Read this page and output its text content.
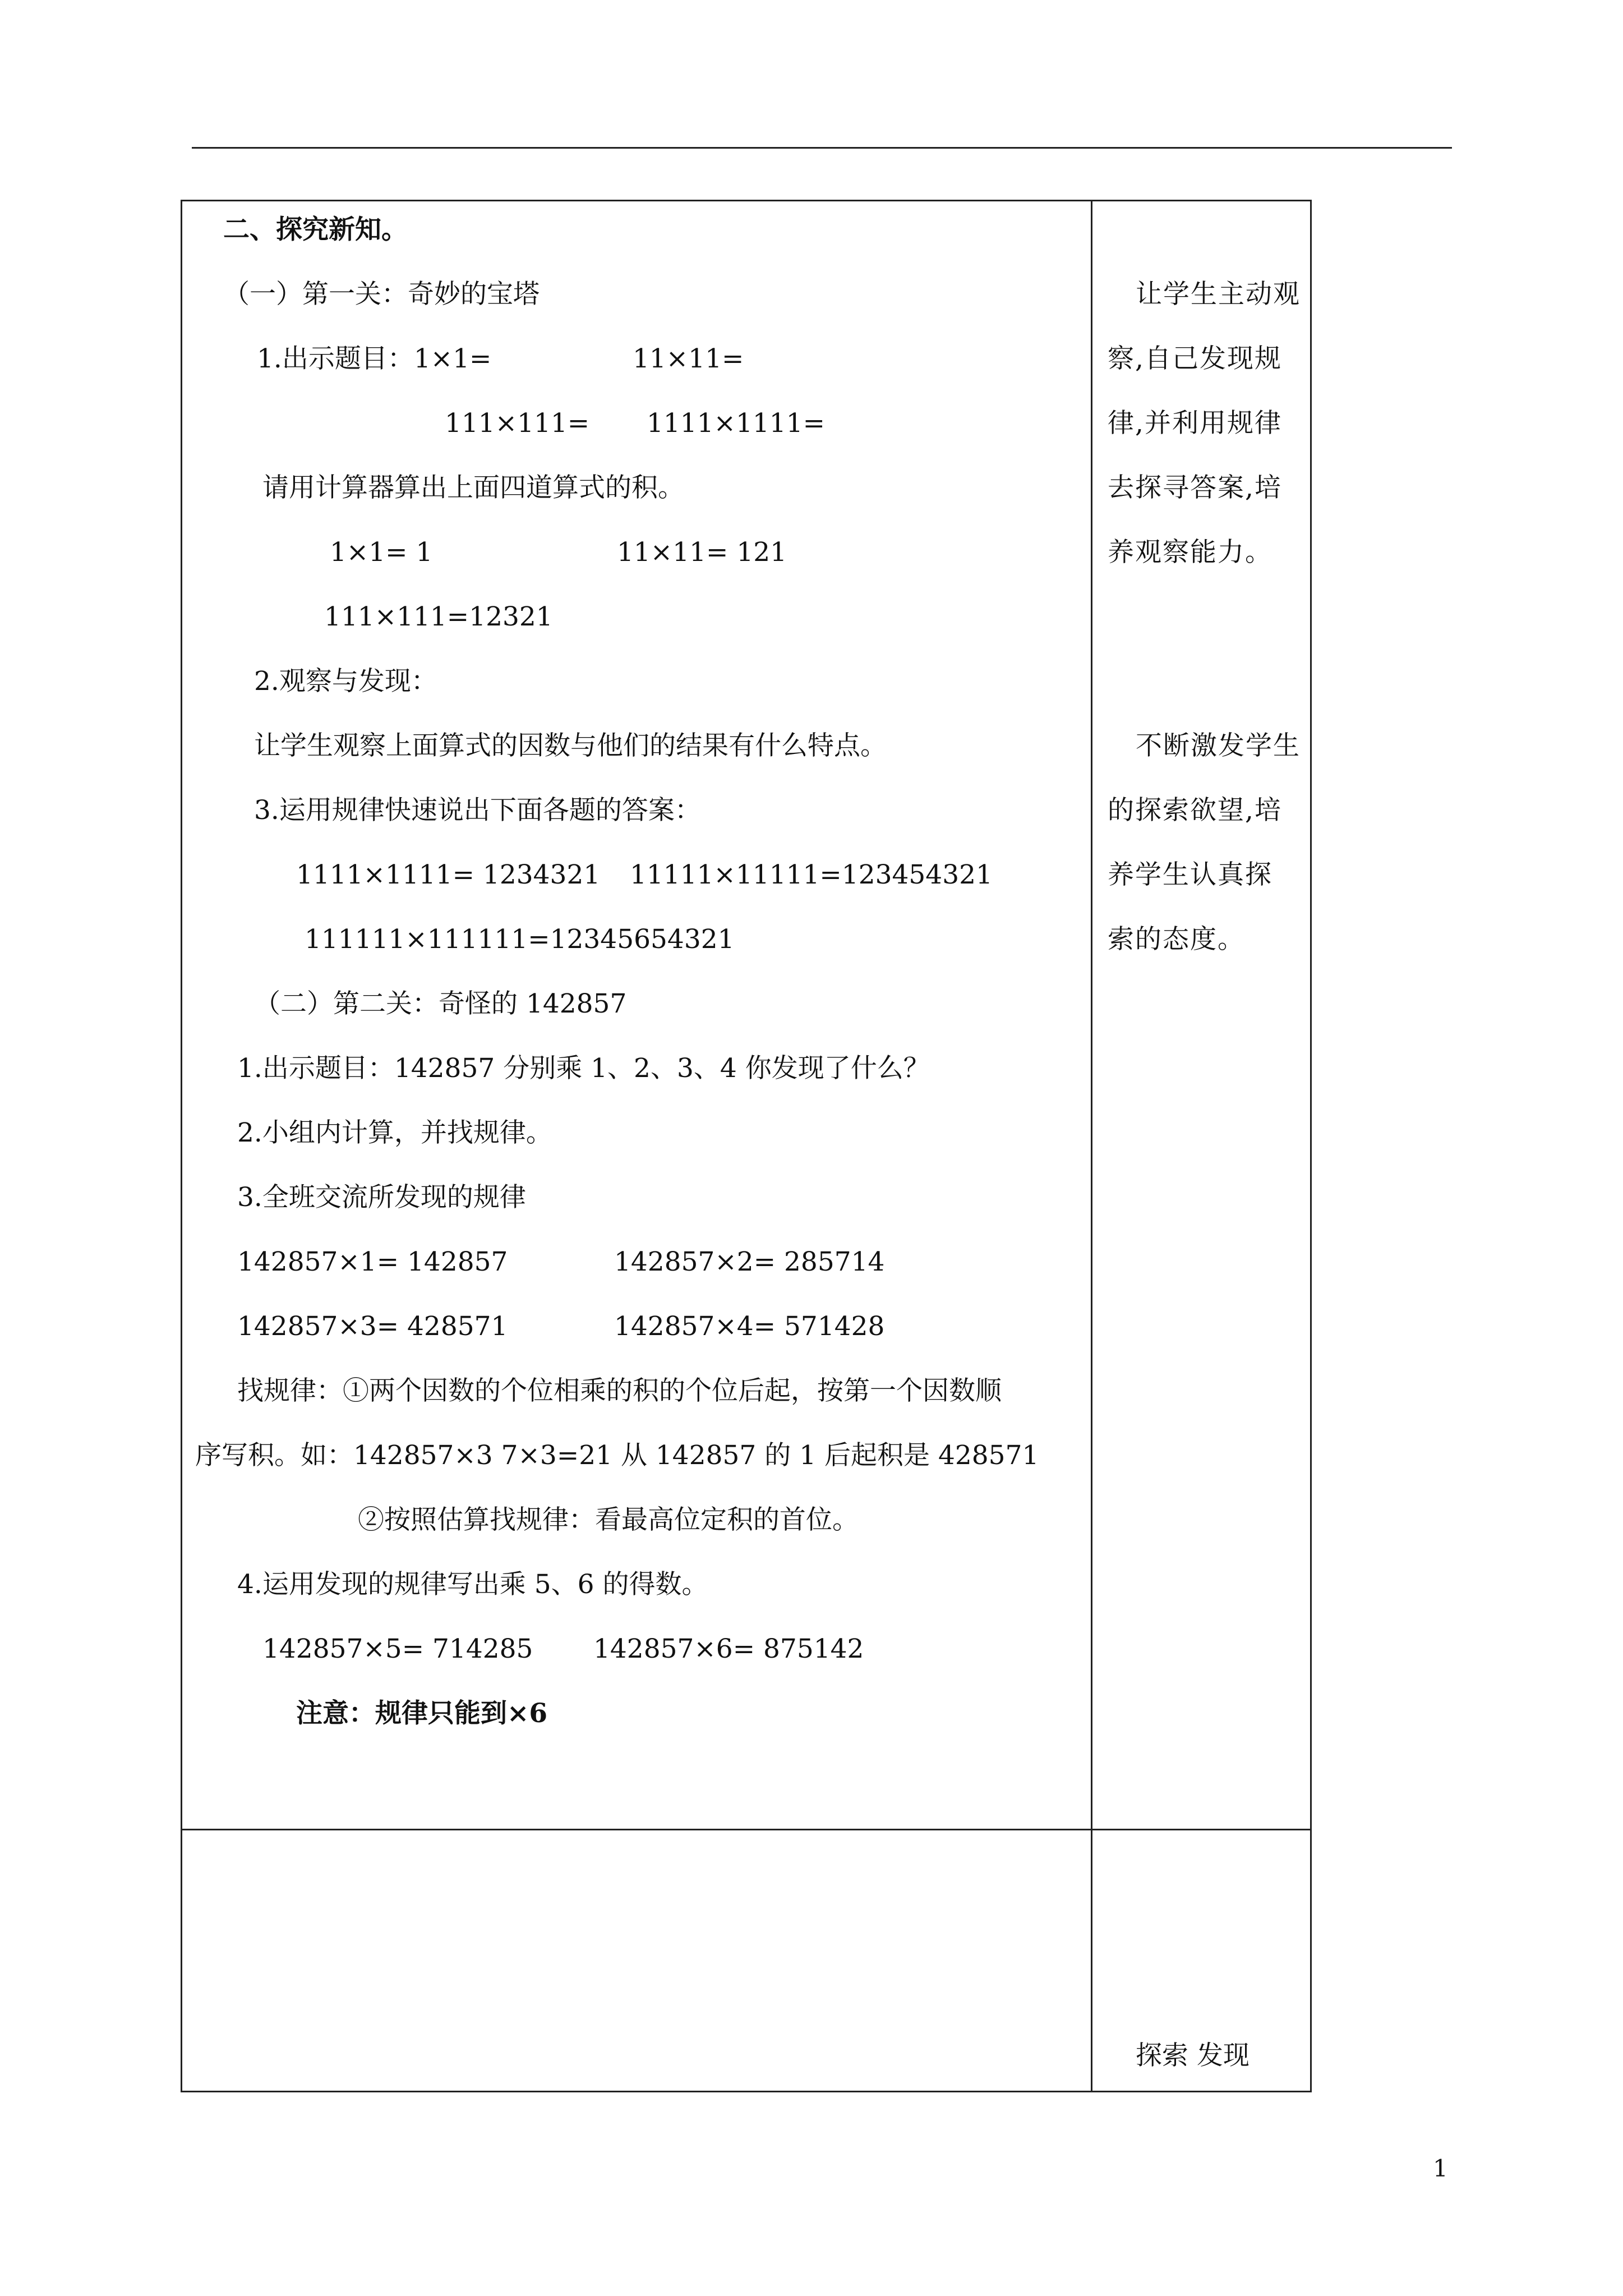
二、探究新知。
（一）第一关：奇妙的宝塔
1.出示题目：1×1=	11×11=
111×111= 1111×1111=
请用计算器算出上面四道算式的积。
1×1= 1	11×11= 121
111×111=12321
2.观察与发现：
让学生观察上面算式的因数与他们的结果有什么特点。
3.运用规律快速说出下面各题的答案：
1111×1111= 1234321 11111×11111=123454321
111111×111111=12345654321
（二）第二关：奇怪的 142857
1.出示题目：142857 分别乘 1、2、3、4 你发现了什么？
2.小组内计算，并找规律。
3.全班交流所发现的规律
142857×1= 142857	142857×2= 285714
142857×3= 428571	142857×4= 571428
找规律：①两个因数的个位相乘的积的个位后起，按第一个因数顺
序写积。如：142857×3 7×3=21 从 142857 的 1 后起积是 428571
②按照估算找规律：看最高位定积的首位。
4.运用发现的规律写出乘 5、6 的得数。
142857×5= 714285 142857×6= 875142
注意：规律只能到×6
让学生主动观
察,自己发现规
律,并利用规律
去探寻答案,培
养观察能力。
不断激发学生
的探索欲望,培
养学生认真探
索的态度。
探索 发现
1
